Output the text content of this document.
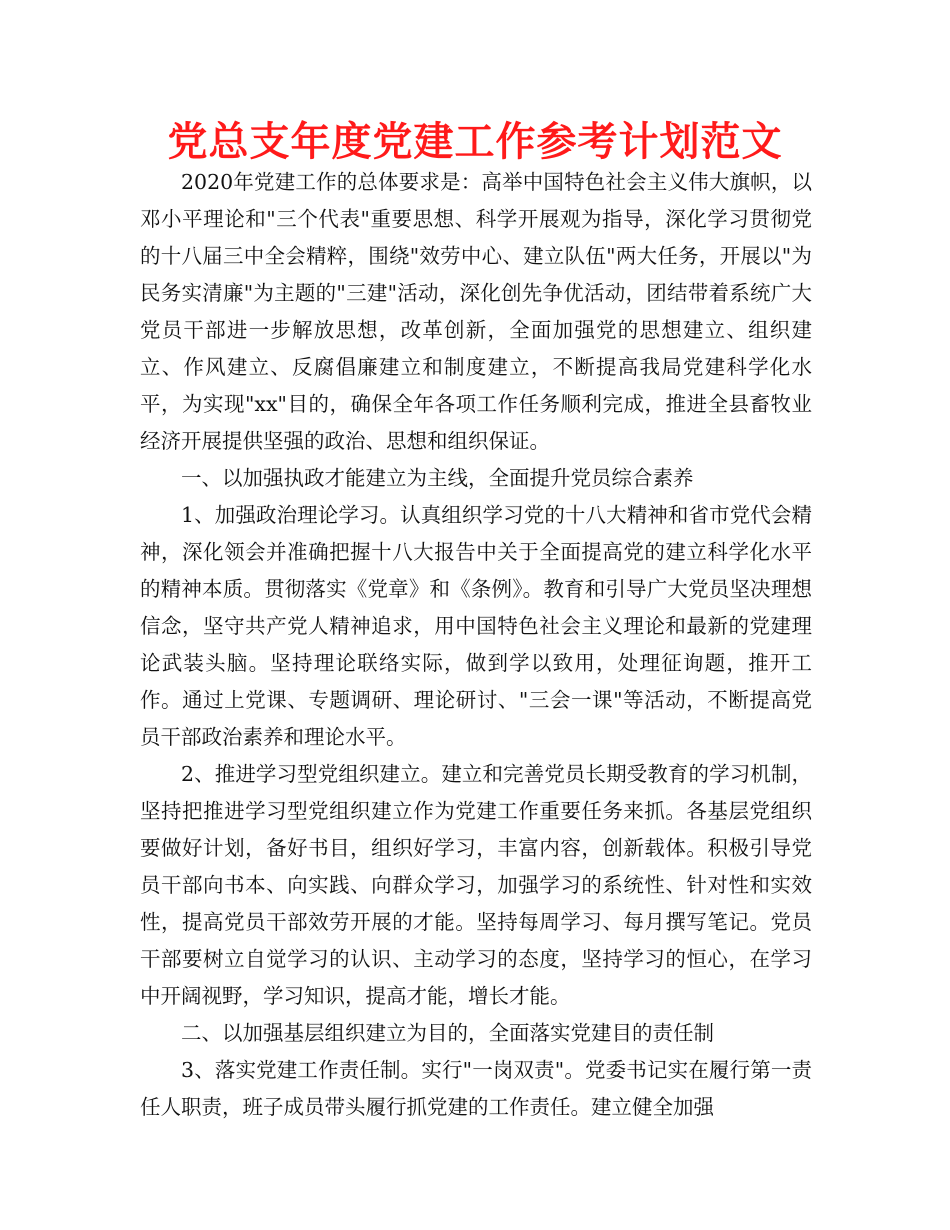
党总支年度党建工作参考计划范文

2020年党建工作的总体要求是：高举中国特色社会主义伟大旗帜，以邓小平理论和"三个代表"重要思想、科学开展观为指导，深化学习贯彻党的十八届三中全会精粹，围绕"效劳中心、建立队伍"两大任务，开展以"为民务实清廉"为主题的"三建"活动，深化创先争优活动，团结带着系统广大党员干部进一步解放思想，改革创新，全面加强党的思想建立、组织建立、作风建立、反腐倡廉建立和制度建立，不断提高我局党建科学化水平，为实现"xx"目的，确保全年各项工作任务顺利完成，推进全县畜牧业经济开展提供坚强的政治、思想和组织保证。

一、以加强执政才能建立为主线，全面提升党员综合素养

1、加强政治理论学习。认真组织学习党的十八大精神和省市党代会精神，深化领会并准确把握十八大报告中关于全面提高党的建立科学化水平的精神本质。贯彻落实《党章》和《条例》。教育和引导广大党员坚决理想信念，坚守共产党人精神追求，用中国特色社会主义理论和最新的党建理论武装头脑。坚持理论联络实际，做到学以致用，处理征询题，推开工作。通过上党课、专题调研、理论研讨、"三会一课"等活动，不断提高党员干部政治素养和理论水平。

2、推进学习型党组织建立。建立和完善党员长期受教育的学习机制，坚持把推进学习型党组织建立作为党建工作重要任务来抓。各基层党组织要做好计划，备好书目，组织好学习，丰富内容，创新载体。积极引导党员干部向书本、向实践、向群众学习，加强学习的系统性、针对性和实效性，提高党员干部效劳开展的才能。坚持每周学习、每月撰写笔记。党员干部要树立自觉学习的认识、主动学习的态度，坚持学习的恒心，在学习中开阔视野，学习知识，提高才能，增长才能。

二、以加强基层组织建立为目的，全面落实党建目的责任制

3、落实党建工作责任制。实行"一岗双责"。党委书记实在履行第一责任人职责，班子成员带头履行抓党建的工作责任。建立健全加强
